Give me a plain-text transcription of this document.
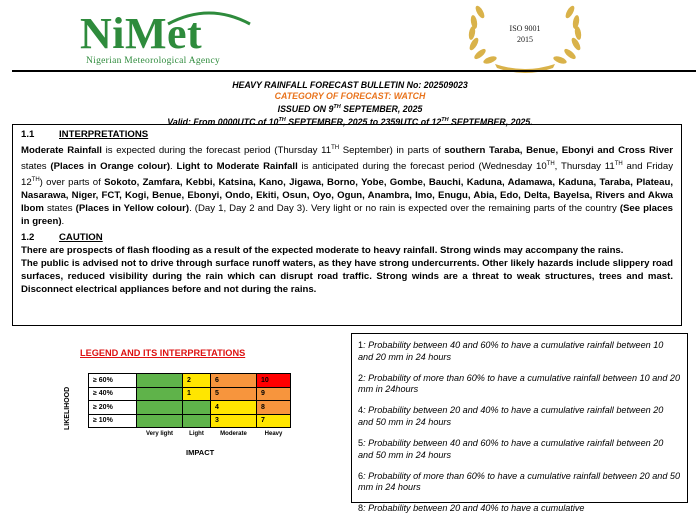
NiMet
Nigerian Meteorological Agency
ISO 9001
2015
HEAVY RAINFALL FORECAST BULLETIN No: 202509023
CATEGORY OF FORECAST: WATCH
ISSUED ON 9TH SEPTEMBER, 2025
Valid: From 0000UTC of 10TH SEPTEMBER, 2025 to 2359UTC of 12TH SEPTEMBER, 2025.
1.1	INTERPRETATIONS
Moderate Rainfall is expected during the forecast period (Thursday 11TH September) in parts of southern Taraba, Benue, Ebonyi and Cross River states (Places in Orange colour). Light to Moderate Rainfall is anticipated during the forecast period (Wednesday 10TH, Thursday 11TH and Friday 12TH) over parts of Sokoto, Zamfara, Kebbi, Katsina, Kano, Jigawa, Borno, Yobe, Gombe, Bauchi, Kaduna, Adamawa, Kaduna, Taraba, Plateau, Nasarawa, Niger, FCT, Kogi, Benue, Ebonyi, Ondo, Ekiti, Osun, Oyo, Ogun, Anambra, Imo, Enugu, Abia, Edo, Delta, Bayelsa, Rivers and Akwa Ibom states (Places in Yellow colour). (Day 1, Day 2 and Day 3). Very light or no rain is expected over the remaining parts of the country (See places in green).
1.2	CAUTION
There are prospects of flash flooding as a result of the expected moderate to heavy rainfall. Strong winds may accompany the rains.
The public is advised not to drive through surface runoff waters, as they have strong undercurrents. Other likely hazards include slippery road surfaces, reduced visibility during the rain which can disrupt road traffic. Strong winds are a threat to weak structures, trees and mast. Disconnect electrical appliances before and not during the rains.
LEGEND AND ITS INTERPRETATIONS
LIKELIHOOD
≥ 60%		2	6	10
≥ 40%		1	5	9
≥ 20%			4	8
≥ 10%			3	7
	Very light	Light	Moderate	Heavy
IMPACT
1: Probability between 40 and 60% to have a cumulative rainfall between 10 and 20 mm in 24 hours
2: Probability of more than 60% to have a cumulative rainfall between 10 and 20 mm in 24hours
4: Probability between 20 and 40% to have a cumulative rainfall between 20 and 50 mm in 24 hours
5: Probability between 40 and 60% to have a cumulative rainfall between 20 and 50 mm in 24 hours
6: Probability of more than 60% to have a cumulative rainfall between 20 and 50 mm in 24 hours
8: Probability between 20 and 40% to have a cumulative
